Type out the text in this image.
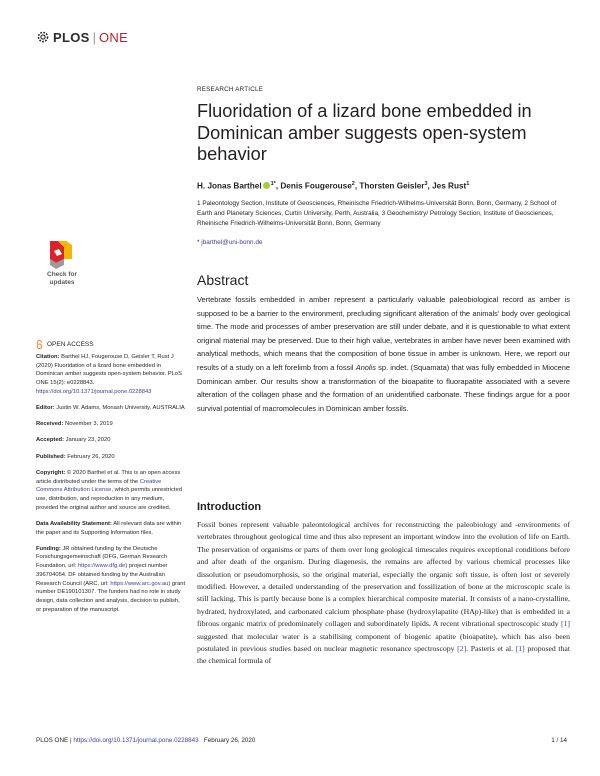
PLOS | ONE
RESEARCH ARTICLE
Fluoridation of a lizard bone embedded in Dominican amber suggests open-system behavior
H. Jonas Barthel $^{1*}$, Denis Fougerouse$^2$, Thorsten Geisler$^3$, Jes Rust$^1$
1 Paleontology Section, Institute of Geosciences, Rheinische Friedrich-Wilhelms-Universität Bonn, Bonn, Germany, 2 School of Earth and Planetary Sciences, Curtin University, Perth, Australia, 3 Geochemistry/ Petrology Section, Institute of Geosciences, Rheinische Friedrich-Wilhelms-Universität Bonn, Bonn, Germany
* jbarthel@uni-bonn.de
Abstract
Vertebrate fossils embedded in amber represent a particularly valuable paleobiological record as amber is supposed to be a barrier to the environment, precluding significant alteration of the animals' body over geological time. The mode and processes of amber preservation are still under debate, and it is questionable to what extent original material may be preserved. Due to their high value, vertebrates in amber have never been examined with analytical methods, which means that the composition of bone tissue in amber is unknown. Here, we report our results of a study on a left forelimb from a fossil Anolis sp. indet. (Squamata) that was fully embedded in Miocene Dominican amber. Our results show a transformation of the bioapatite to fluorapatite associated with a severe alteration of the collagen phase and the formation of an unidentified carbonate. These findings argue for a poor survival potential of macromolecules in Dominican amber fossils.
Introduction
Fossil bones represent valuable paleontological archives for reconstructing the paleobiology and -environments of vertebrates throughout geological time and thus also represent an important window into the evolution of life on Earth. The preservation of organisms or parts of them over long geological timescales requires exceptional conditions before and after death of the organism. During diagenesis, the remains are affected by various chemical processes like dissolution or pseudomorphosis, so the original material, especially the organic soft tissue, is often lost or severely modified. However, a detailed understanding of the preservation and fossilization of bone at the microscopic scale is still lacking. This is partly because bone is a complex hierarchical composite material. It consists of a nano-crystalline, hydrated, hydroxylated, and carbonated calcium phosphate phase (hydroxylapatite (HAp)-like) that is embedded in a fibrous organic matrix of predominately collagen and subordinately lipids. A recent vibrational spectroscopic study [1] suggested that molecular water is a stabilising component of biogenic apatite (bioapatite), which has also been postulated in previous studies based on nuclear magnetic resonance spectroscopy [2]. Pasteris et al. [1] proposed that the chemical formula of
Check for updates
OPEN ACCESS

Citation: Barthel HJ, Fougerouse D, Geisler T, Rust J (2020) Fluoridation of a lizard bone embedded in Dominican amber suggests open-system behavior. PLoS ONE 15(2): e0228843. https://doi.org/10.1371/journal.pone.0228843

Editor: Justin W. Adams, Monash University, AUSTRALIA

Received: November 3, 2019

Accepted: January 23, 2020

Published: February 26, 2020

Copyright: © 2020 Barthel et al. This is an open access article distributed under the terms of the Creative Commons Attribution License, which permits unrestricted use, distribution, and reproduction in any medium, provided the original author and source are credited.

Data Availability Statement: All relevant data are within the paper and its Supporting Information files.

Funding: JR obtained funding by the Deutsche Forschungsgemeinschaft (DFG, German Research Foundation, url: https://www.dfg.de) project number 396704054. DF obtained funding by the Australian Research Council (ARC, url: https://www.arc.gov.au) grant number DE190101307. The funders had no role in study design, data collection and analysis, decision to publish, or preparation of the manuscript.

PLOS ONE | https://doi.org/10.1371/journal.pone.0228843   February 26, 2020	1 / 14
